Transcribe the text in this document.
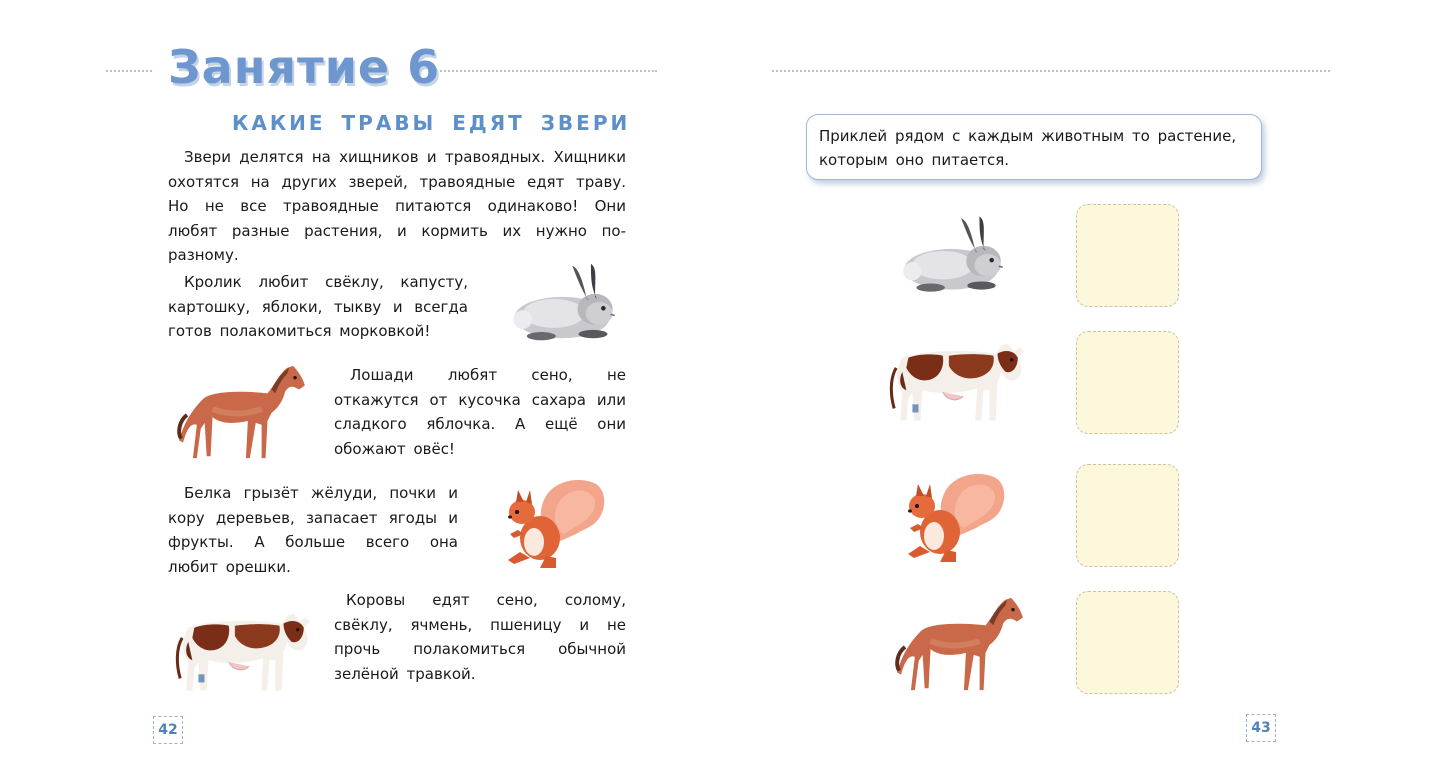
Занятие 6
КАКИЕ ТРАВЫ ЕДЯТ ЗВЕРИ

Звери делятся на хищников и травоядных. Хищники охотятся на других зверей, травоядные едят траву. Но не все травоядные питаются одинаково! Они любят разные растения, и кормить их нужно по-разному.

Кролик любит свёклу, капусту, картошку, яблоки, тыкву и всегда готов полакомиться морковкой!

Лошади любят сено, не откажутся от кусочка сахара или сладкого яблочка. А ещё они обожают овёс!

Белка грызёт жёлуди, почки и кору деревьев, запасает ягоды и фрукты. А больше всего она любит орешки.

Коровы едят сено, солому, свёклу, ячмень, пшеницу и не прочь полакомиться обычной зелёной травкой.

42
Приклей рядом с каждым животным то растение, которым оно питается.
43
